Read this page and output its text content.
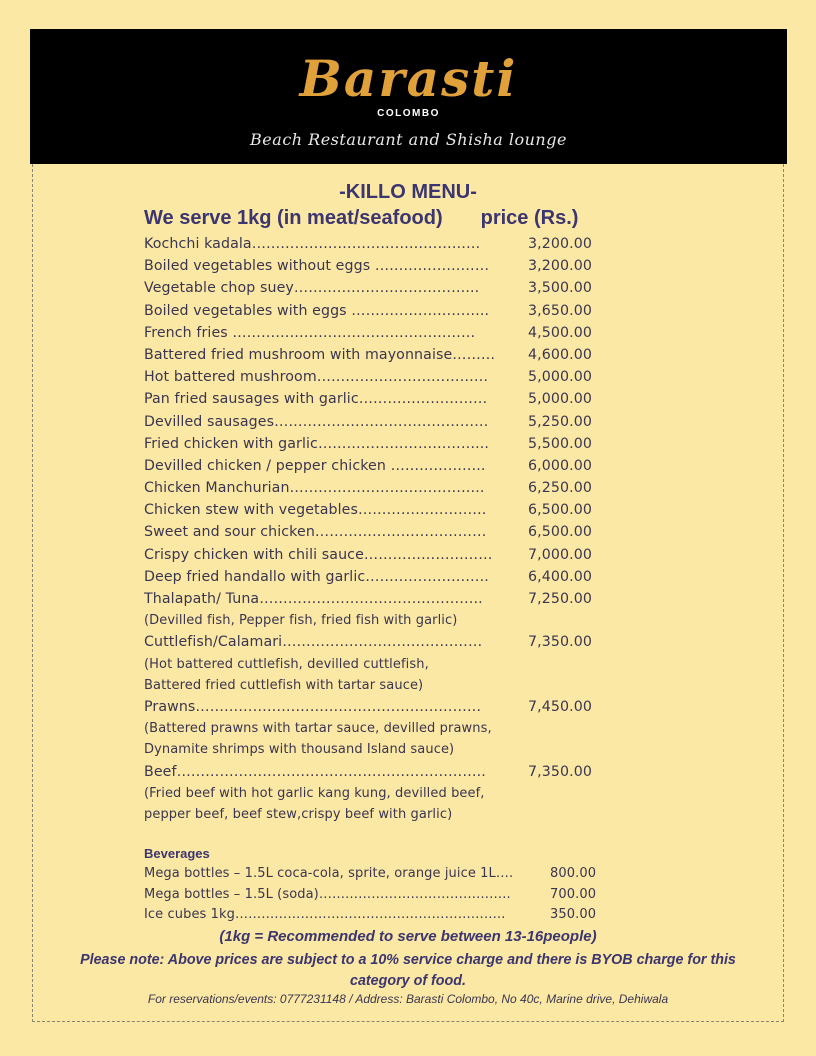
Barasti
COLOMBO
Beach Restaurant and Shisha lounge
-KILLO MENU-
We serve 1kg (in meat/seafood) price (Rs.)
Kochchi kadala…………………………………………	3,200.00
Boiled vegetables without eggs ……………………	3,200.00
Vegetable chop suey………………………………...	3,500.00
Boiled vegetables with eggs ………………………..	3,650.00
French fries ……………………………………………	4,500.00
Battered fried mushroom with mayonnaise……… 4,600.00
Hot battered mushroom………………………………	5,000.00
Pan fried sausages with garlic………………………	5,000.00
Devilled sausages………………………………………	5,250.00
Fried chicken with garlic……………………………...	5,500.00
Devilled chicken / pepper chicken ………………..	6,000.00
Chicken Manchurian…………………………………..	6,250.00
Chicken stew with vegetables………………………	6,500.00
Sweet and sour chicken………………………………	6,500.00
Crispy chicken with chili sauce………………………	7,000.00
Deep fried handallo with garlic……………………..	6,400.00
Thalapath/ Tuna………………………………………..	7,250.00
(Devilled fish, Pepper fish, fried fish with garlic)
Cuttlefish/Calamari……………………………………	7,350.00
(Hot battered cuttlefish, devilled cuttlefish,
Battered fried cuttlefish with tartar sauce)
Prawns……………………………………………………	7,450.00
(Battered prawns with tartar sauce, devilled prawns,
Dynamite shrimps with thousand Island sauce)
Beef………………………………………………………..	7,350.00
(Fried beef with hot garlic kang kung, devilled beef,
pepper beef, beef stew,crispy beef with garlic)
Beverages
Mega bottles – 1.5L coca-cola, sprite, orange juice 1L….	800.00
Mega bottles – 1.5L (soda)……………………………………..	700.00
Ice cubes 1kg……………………………………………………..	350.00
(1kg = Recommended to serve between 13-16people)
Please note: Above prices are subject to a 10% service charge and there is BYOB charge for this category of food.
For reservations/events: 0777231148 / Address: Barasti Colombo, No 40c, Marine drive, Dehiwala
